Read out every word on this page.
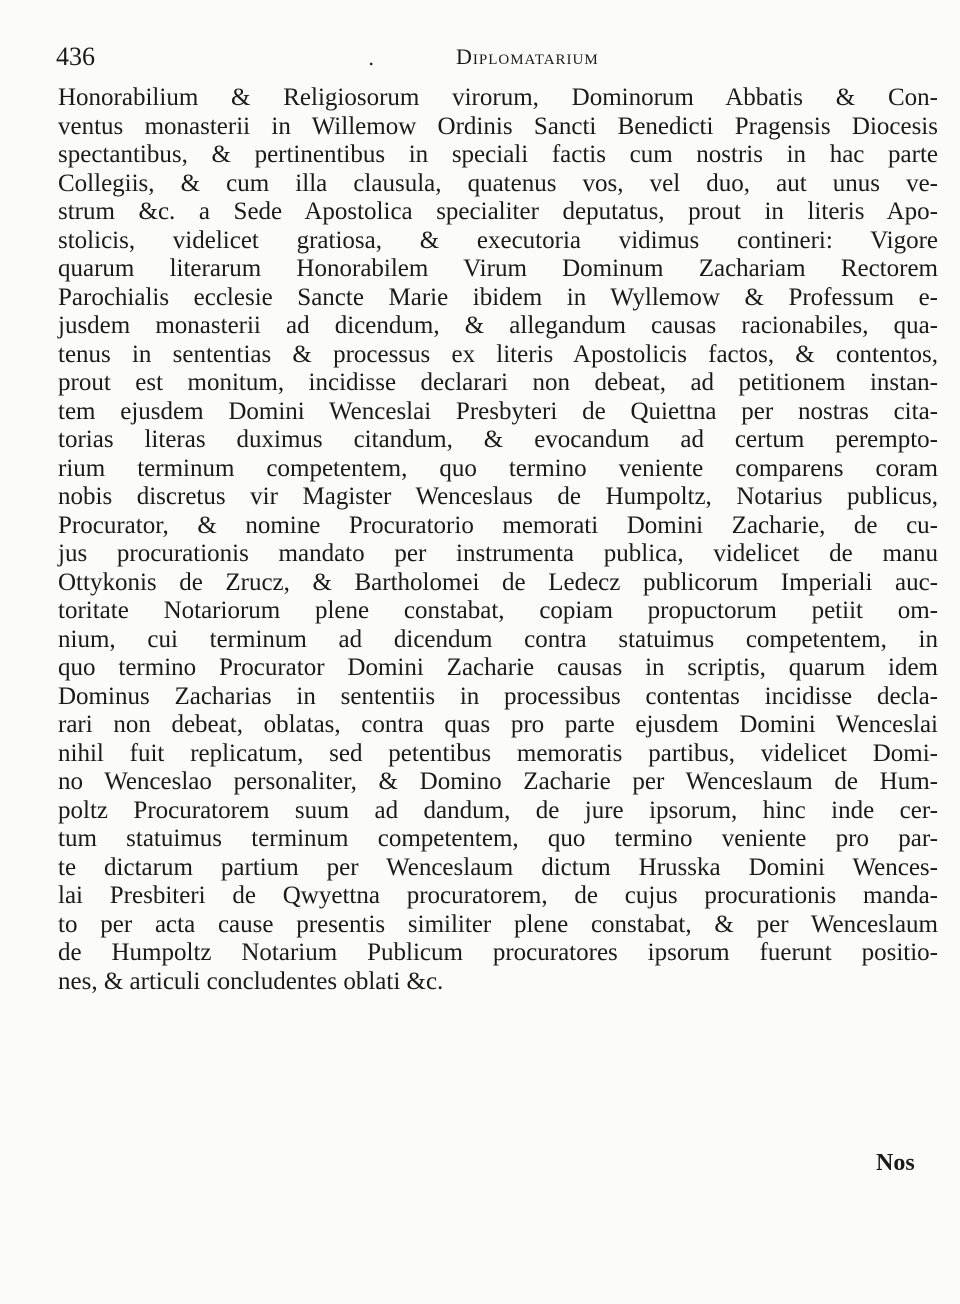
436	.	Diplomatarium
Honorabilium & Religiosorum virorum, Dominorum Abbatis & Con-
ventus monasterii in Willemow Ordinis Sancti Benedicti Pragensis Diocesis
spectantibus, & pertinentibus in speciali factis cum nostris in hac parte
Collegiis, & cum illa clausula, quatenus vos, vel duo, aut unus ve-
strum &c. a Sede Apostolica specialiter deputatus, prout in literis Apo-
stolicis, videlicet gratiosa, & executoria vidimus contineri: Vigore
quarum literarum Honorabilem Virum Dominum Zachariam Rectorem
Parochialis ecclesie Sancte Marie ibidem in Wyllemow & Professum e-
jusdem monasterii ad dicendum, & allegandum causas racionabiles, qua-
tenus in sententias & processus ex literis Apostolicis factos, & contentos,
prout est monitum, incidisse declarari non debeat, ad petitionem instan-
tem ejusdem Domini Wenceslai Presbyteri de Quiettna per nostras cita-
torias literas duximus citandum, & evocandum ad certum perempto-
rium terminum competentem, quo termino veniente comparens coram
nobis discretus vir Magister Wenceslaus de Humpoltz, Notarius publicus,
Procurator, & nomine Procuratorio memorati Domini Zacharie, de cu-
jus procurationis mandato per instrumenta publica, videlicet de manu
Ottykonis de Zrucz, & Bartholomei de Ledecz publicorum Imperiali auc-
toritate Notariorum plene constabat, copiam propuctorum petiit om-
nium, cui terminum ad dicendum contra statuimus competentem, in
quo termino Procurator Domini Zacharie causas in scriptis, quarum idem
Dominus Zacharias in sententiis in processibus contentas incidisse decla-
rari non debeat, oblatas, contra quas pro parte ejusdem Domini Wenceslai
nihil fuit replicatum, sed petentibus memoratis partibus, videlicet Domi-
no Wenceslao personaliter, & Domino Zacharie per Wenceslaum de Hum-
poltz Procuratorem suum ad dandum, de jure ipsorum, hinc inde cer-
tum statuimus terminum competentem, quo termino veniente pro par-
te dictarum partium per Wenceslaum dictum Hrusska Domini Wences-
lai Presbiteri de Qwyettna procuratorem, de cujus procurationis manda-
to per acta cause presentis similiter plene constabat, & per Wenceslaum
de Humpoltz Notarium Publicum procuratores ipsorum fuerunt positio-
nes, & articuli concludentes oblati &c.
Nos
